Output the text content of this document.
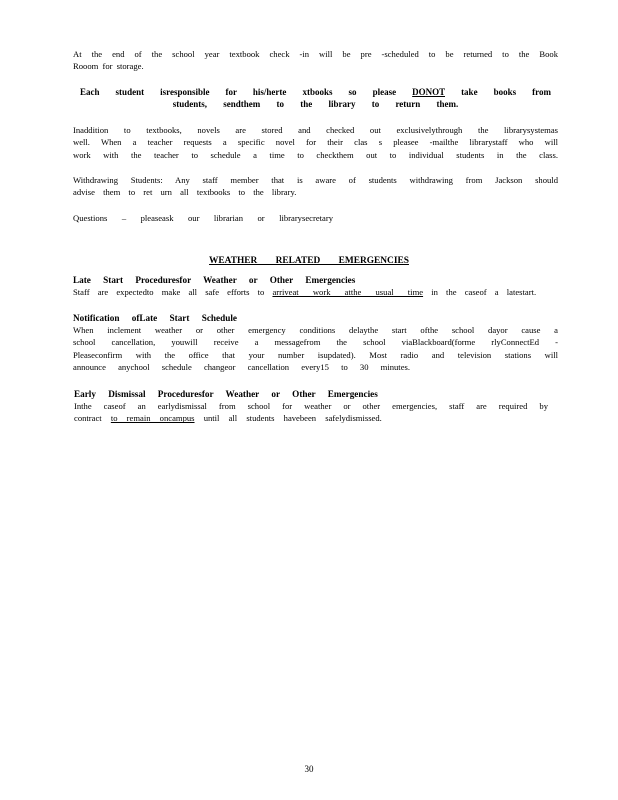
At the end of the school year textbook check -in will be pre -scheduled to be returned to the Book
Rooom for storage.
Each student isresponsible for his/herte xtbooks so please DONOT take books from
students, sendthem to the library to return them.
Inaddition to textbooks, novels are stored and checked out exclusivelythrough the librarysystemas
well. When a teacher requests a specific novel for their clas s pleasee -mailthe librarystaff who will
work with the teacher to schedule a time to checkthem out to individual students in the class.
Withdrawing Students: Any staff member that is aware of students withdrawing from Jackson should
advise them to ret urn all textbooks to the library.
Questions – pleaseask our librarian or librarysecretary
WEATHER RELATED EMERGENCIES
Late Start Proceduresfor Weather or Other Emergencies
Staff are expectedto make all safe efforts to arriveat work atthe usual time in the caseof a latestart.
Notification ofLate Start Schedule
When inclement weather or other emergency conditions delaythe start ofthe school dayor cause a
school cancellation, youwill receive a messagefrom the school viaBlackboard(forme rlyConnectEd -
Pleaseconfirm with the office that your number isupdated). Most radio and television stations will
announce anychool schedule changeor cancellation every15 to 30 minutes.
Early Dismissal Proceduresfor Weather or Other Emergencies
Inthe caseof an earlydismissal from school for weather or other emergencies, staff are required by
contract to remain oncampus until all students havebeen safelydismissed.
30
